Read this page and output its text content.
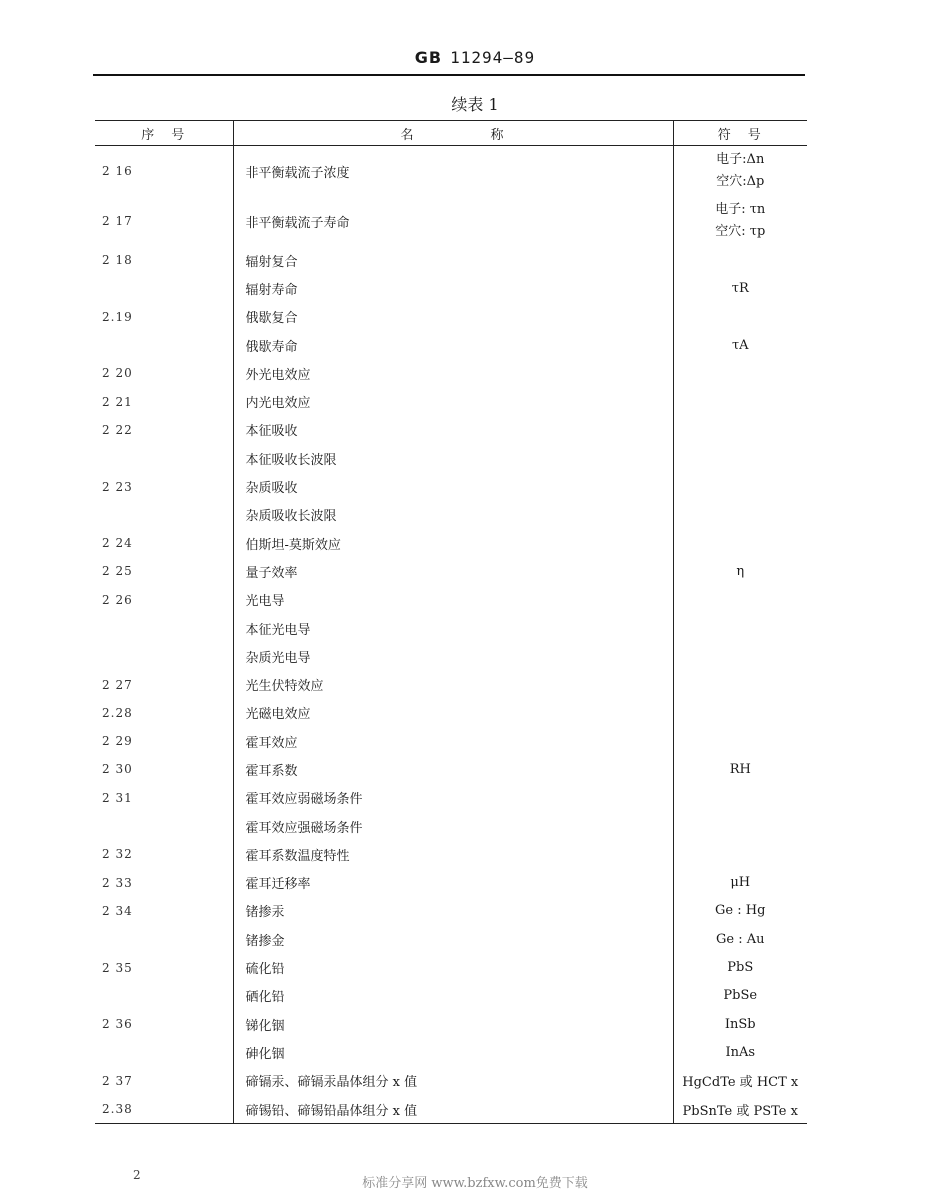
GB 11294—89
续表 1
序　号	名　　　　　称	符　号
2 16	非平衡载流子浓度	电子:Δn
空穴:Δp

2 17	非平衡载流子寿命	电子: τn
空穴: τp

2 18	辐射复合	
	辐射寿命	τR
2.19	俄歇复合	
	俄歇寿命	τA
2 20	外光电效应	
2 21	内光电效应	
2 22	本征吸收	
	本征吸收长波限	
2 23	杂质吸收	
	杂质吸收长波限	
2 24	伯斯坦-莫斯效应	
2 25	量子效率	η
2 26	光电导	
	本征光电导	
	杂质光电导	
2 27	光生伏特效应	
2.28	光磁电效应	
2 29	霍耳效应	
2 30	霍耳系数	RH
2 31	霍耳效应弱磁场条件	
	霍耳效应强磁场条件	
2 32	霍耳系数温度特性	
2 33	霍耳迁移率	μH
2 34	锗掺汞	Ge : Hg
	锗掺金	Ge : Au
2 35	硫化铅	PbS
	硒化铅	PbSe
2 36	锑化铟	InSb
	砷化铟	InAs
2 37	碲镉汞、碲镉汞晶体组分 x 值	HgCdTe 或 HCT x
2.38	碲锡铅、碲锡铅晶体组分 x 值	PbSnTe 或 PSTe x
2
标准分享网 www.bzfxw.com免费下载
